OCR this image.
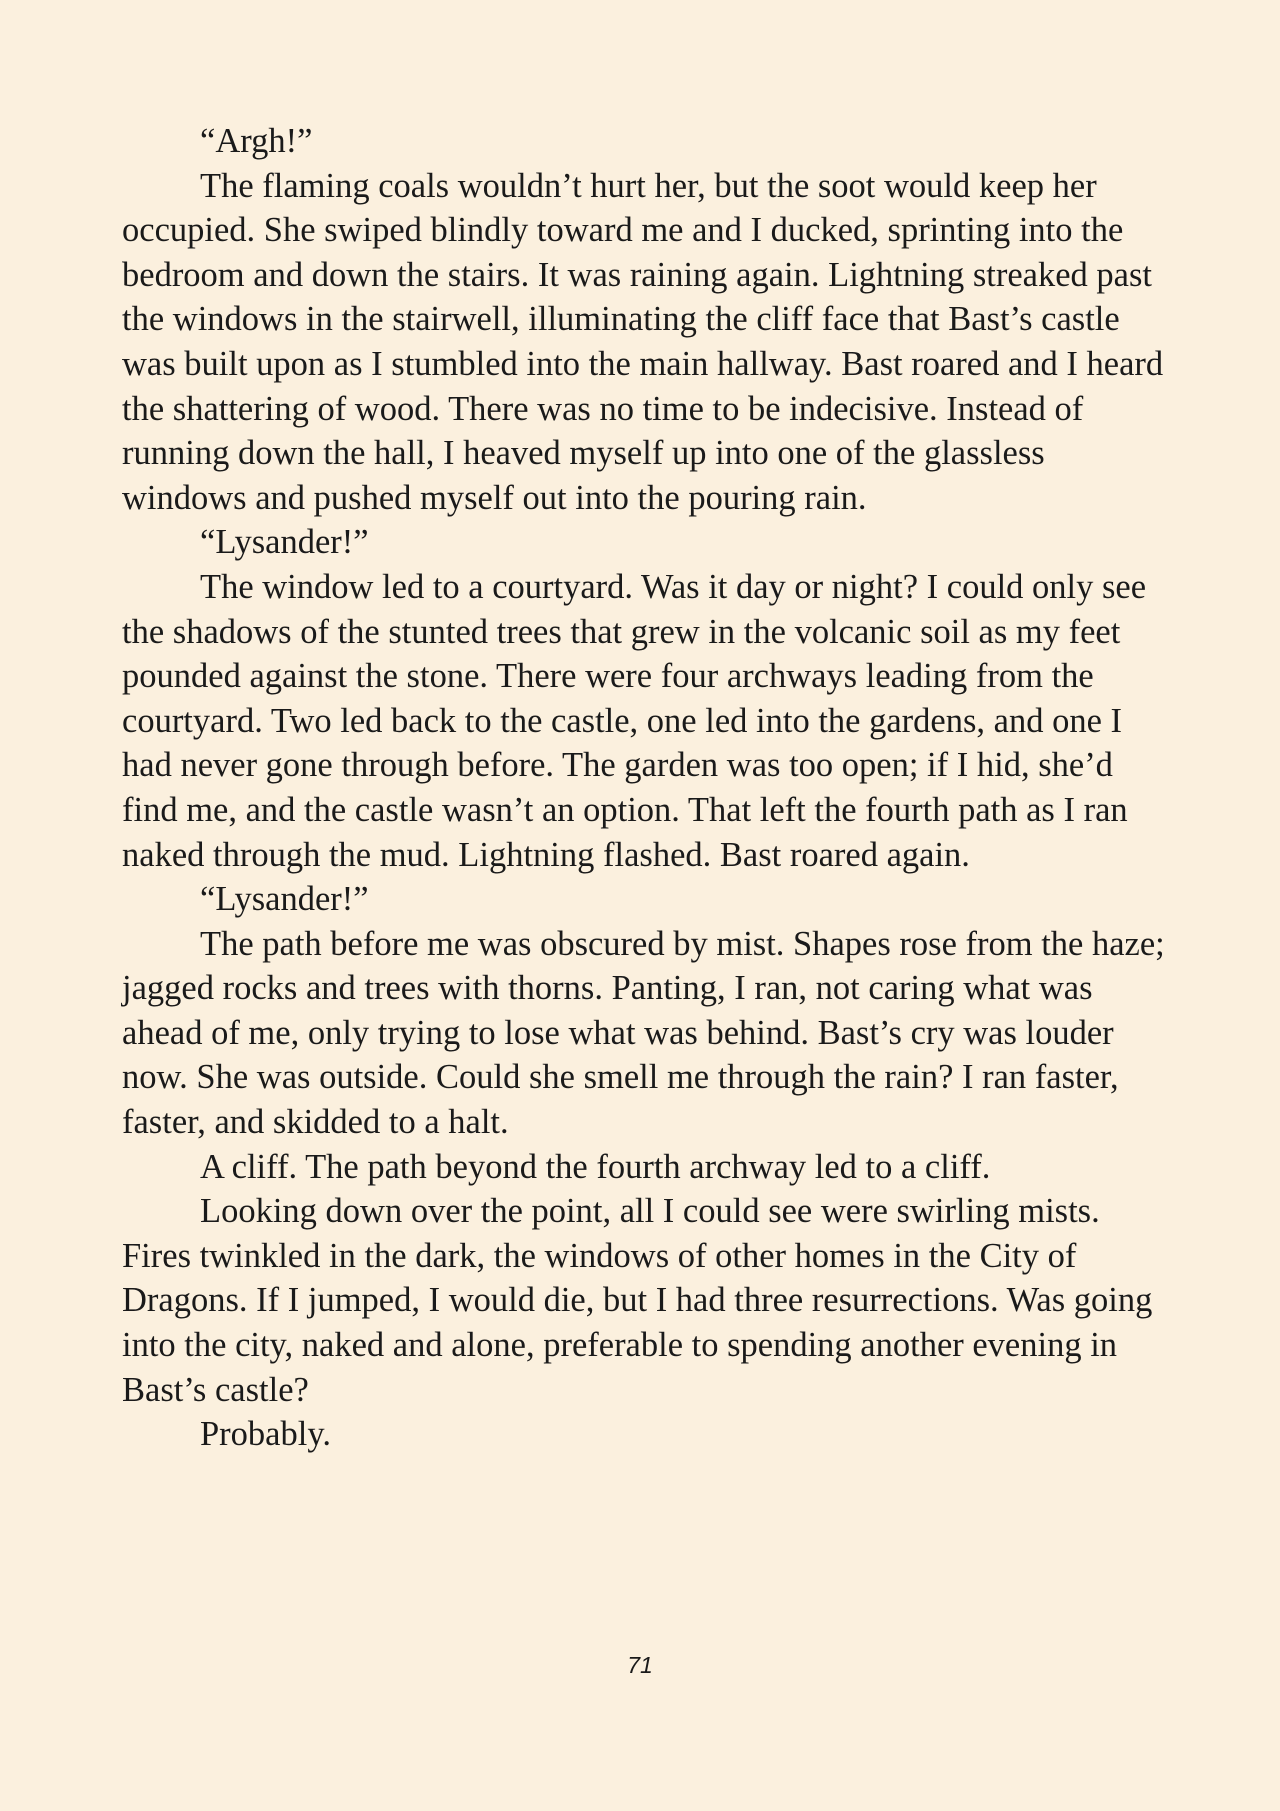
“Argh!”

The flaming coals wouldn’t hurt her, but the soot would keep her occupied. She swiped blindly toward me and I ducked, sprinting into the bedroom and down the stairs. It was raining again. Lightning streaked past the windows in the stairwell, illuminating the cliff face that Bast’s castle was built upon as I stumbled into the main hallway. Bast roared and I heard the shattering of wood. There was no time to be indecisive. Instead of running down the hall, I heaved myself up into one of the glassless windows and pushed myself out into the pouring rain.

“Lysander!”

The window led to a courtyard. Was it day or night? I could only see the shadows of the stunted trees that grew in the volcanic soil as my feet pounded against the stone. There were four archways leading from the courtyard. Two led back to the castle, one led into the gardens, and one I had never gone through before. The garden was too open; if I hid, she’d find me, and the castle wasn’t an option. That left the fourth path as I ran naked through the mud. Lightning flashed. Bast roared again.

“Lysander!”

The path before me was obscured by mist. Shapes rose from the haze; jagged rocks and trees with thorns. Panting, I ran, not caring what was ahead of me, only trying to lose what was behind. Bast’s cry was louder now. She was outside. Could she smell me through the rain? I ran faster, faster, and skidded to a halt.

A cliff. The path beyond the fourth archway led to a cliff.

Looking down over the point, all I could see were swirling mists. Fires twinkled in the dark, the windows of other homes in the City of Dragons. If I jumped, I would die, but I had three resurrections. Was going into the city, naked and alone, preferable to spending another evening in Bast’s castle?

Probably.

71
